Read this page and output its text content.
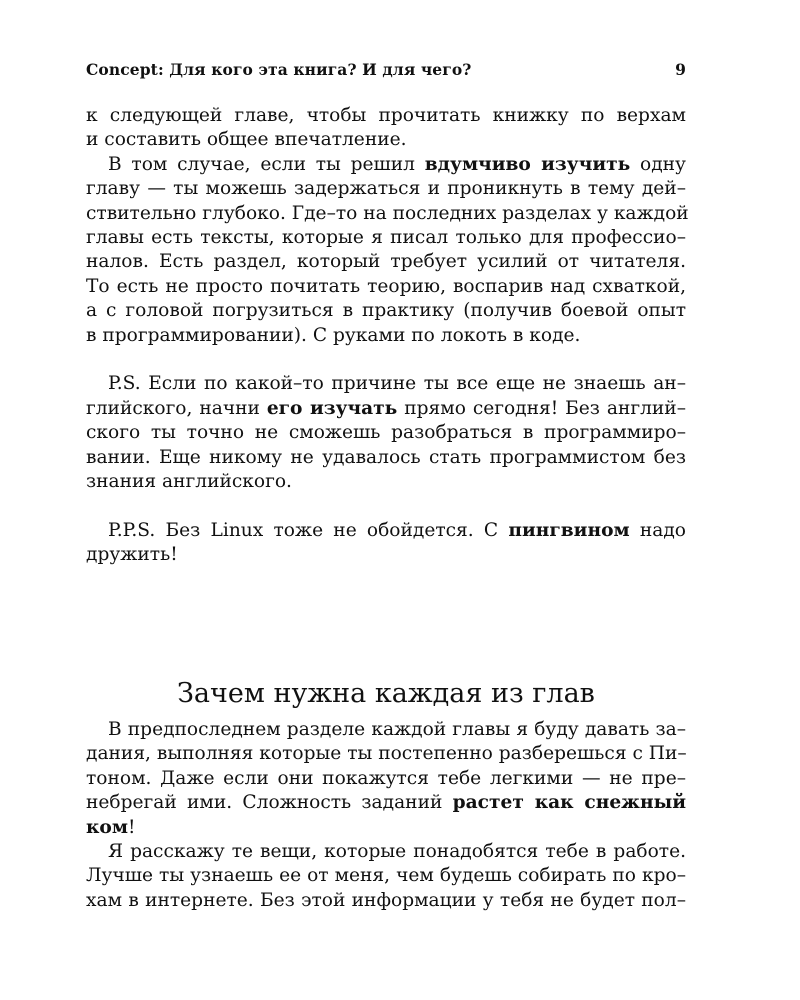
Concept: Для кого эта книга? И для чего?	9

к следующей главе, чтобы прочитать книжку по верхам
и составить общее впечатление.

В том случае, если ты решил вдумчиво изучить одну
главу — ты можешь задержаться и проникнуть в тему дей–
ствительно глубоко. Где–то на последних разделах у каждой
главы есть тексты, которые я писал только для профессио–
налов. Есть раздел, который требует усилий от читателя.
То есть не просто почитать теорию, воспарив над схваткой,
а с головой погрузиться в практику (получив боевой опыт
в программировании). С руками по локоть в коде.

P.S. Если по какой–то причине ты все еще не знаешь ан–
глийского, начни его изучать прямо сегодня! Без англий–
ского ты точно не сможешь разобраться в программиро–
вании. Еще никому не удавалось стать программистом без
знания английского.

P.P.S. Без Linux тоже не обойдется. С пингвином надо
дружить!

Зачем нужна каждая из глав

В предпоследнем разделе каждой главы я буду давать за–
дания, выполняя которые ты постепенно разберешься с Пи–
тоном. Даже если они покажутся тебе легкими — не пре–
небрегай ими. Сложность заданий растет как снежный
ком!

Я расскажу те вещи, которые понадобятся тебе в работе.
Лучше ты узнаешь ее от меня, чем будешь собирать по кро–
хам в интернете. Без этой информации у тебя не будет пол–
